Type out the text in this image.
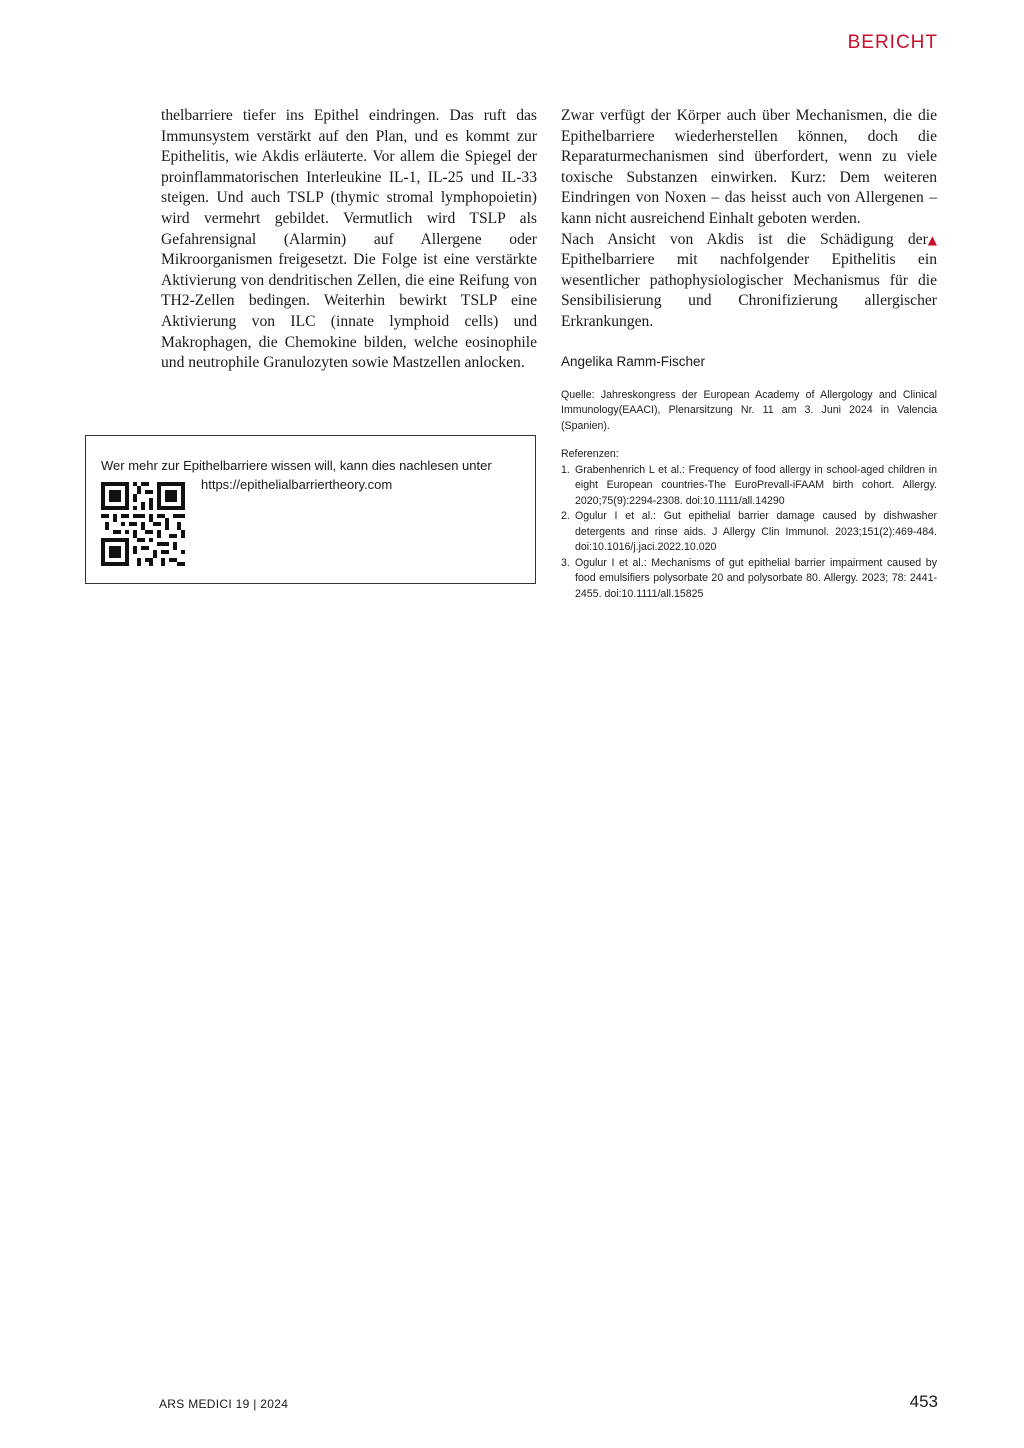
BERICHT

thelbarriere tiefer ins Epithel eindringen. Das ruft das Immunsystem verstärkt auf den Plan, und es kommt zur Epithelitis, wie Akdis erläuterte. Vor allem die Spiegel der proinflammatorischen Interleukine IL-1, IL-25 und IL-33 steigen. Und auch TSLP (thymic stromal lymphopoietin) wird vermehrt gebildet. Vermutlich wird TSLP als Gefahrensignal (Alarmin) auf Allergene oder Mikroorganismen freigesetzt. Die Folge ist eine verstärkte Aktivierung von dendritischen Zellen, die eine Reifung von TH2-Zellen bedingen. Weiterhin bewirkt TSLP eine Aktivierung von ILC (innate lymphoid cells) und Makrophagen, die Chemokine bilden, welche eosinophile und neutrophile Granulozyten sowie Mastzellen anlocken.

Zwar verfügt der Körper auch über Mechanismen, die die Epithelbarriere wiederherstellen können, doch die Reparaturmechanismen sind überfordert, wenn zu viele toxische Substanzen einwirken. Kurz: Dem weiteren Eindringen von Noxen – das heisst auch von Allergenen – kann nicht ausreichend Einhalt geboten werden.

▲
Nach Ansicht von Akdis ist die Schädigung der Epithelbarriere mit nachfolgender Epithelitis ein wesentlicher pathophysiologischer Mechanismus für die Sensibilisierung und Chronifizierung allergischer Erkrankungen.

Angelika Ramm-Fischer

Quelle: Jahreskongress der European Academy of Allergology and Clinical Immunology(EAACI), Plenarsitzung Nr. 11 am 3. Juni 2024 in Valencia (Spanien).

Referenzen:

1. Grabenhenrich L et al.: Frequency of food allergy in school-aged children in eight European countries-The EuroPrevall-iFAAM birth cohort. Allergy. 2020;75(9):2294-2308. doi:10.1111/all.14290
2. Ogulur I et al.: Gut epithelial barrier damage caused by dishwasher detergents and rinse aids. J Allergy Clin Immunol. 2023;151(2):469-484. doi:10.1016/j.jaci.2022.10.020
3. Ogulur I et al.: Mechanisms of gut epithelial barrier impairment caused by food emulsifiers polysorbate 20 and polysorbate 80. Allergy. 2023; 78: 2441-2455. doi:10.1111/all.15825
Wer mehr zur Epithelbarriere wissen will, kann dies nachlesen unter
https://epithelialbarriertheory.com
ARS MEDICI 19 | 2024	453
